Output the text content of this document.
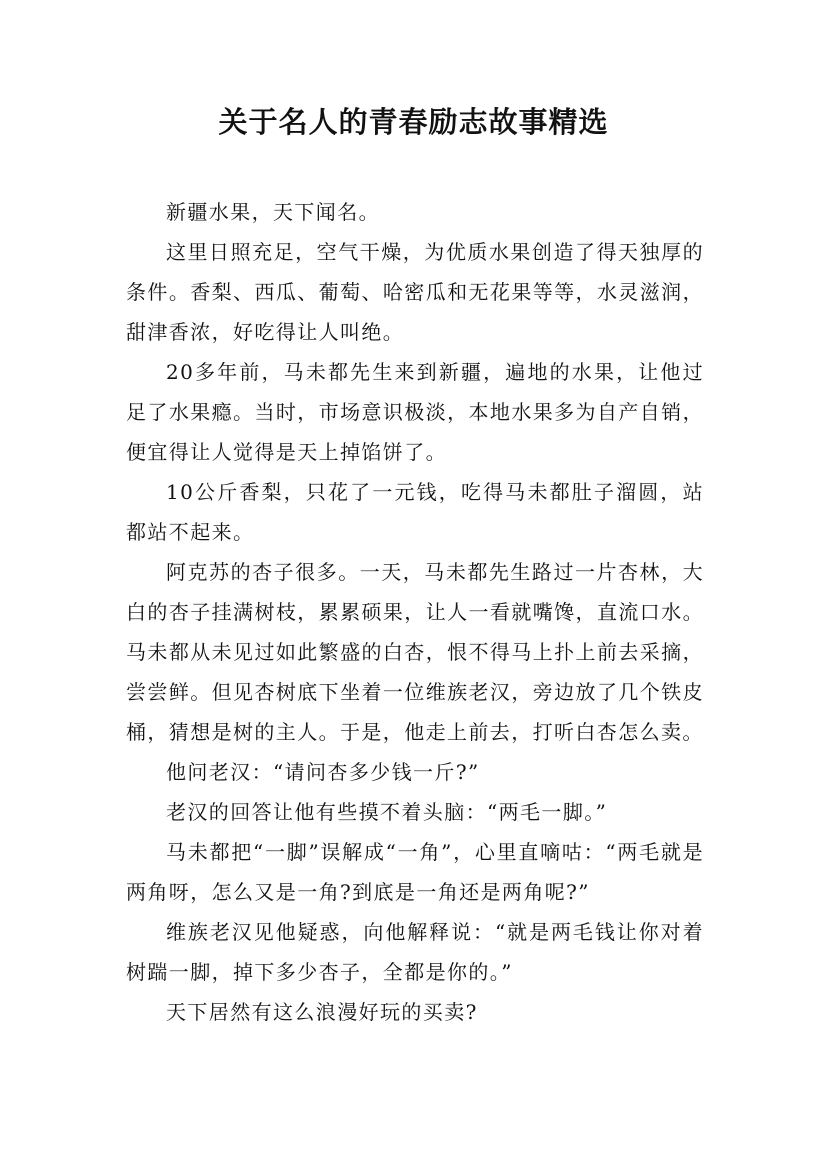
关于名人的青春励志故事精选

新疆水果，天下闻名。

这里日照充足，空气干燥，为优质水果创造了得天独厚的条件。香梨、西瓜、葡萄、哈密瓜和无花果等等，水灵滋润，甜津香浓，好吃得让人叫绝。

20多年前，马未都先生来到新疆，遍地的水果，让他过足了水果瘾。当时，市场意识极淡，本地水果多为自产自销，便宜得让人觉得是天上掉馅饼了。

10公斤香梨，只花了一元钱，吃得马未都肚子溜圆，站都站不起来。

阿克苏的杏子很多。一天，马未都先生路过一片杏林，大白的杏子挂满树枝，累累硕果，让人一看就嘴馋，直流口水。马未都从未见过如此繁盛的白杏，恨不得马上扑上前去采摘，尝尝鲜。但见杏树底下坐着一位维族老汉，旁边放了几个铁皮桶，猜想是树的主人。于是，他走上前去，打听白杏怎么卖。

他问老汉：“请问杏多少钱一斤?”

老汉的回答让他有些摸不着头脑：“两毛一脚。”

马未都把“一脚”误解成“一角”，心里直嘀咕：“两毛就是两角呀，怎么又是一角?到底是一角还是两角呢?”

维族老汉见他疑惑，向他解释说：“就是两毛钱让你对着树踹一脚，掉下多少杏子，全都是你的。”

天下居然有这么浪漫好玩的买卖?
